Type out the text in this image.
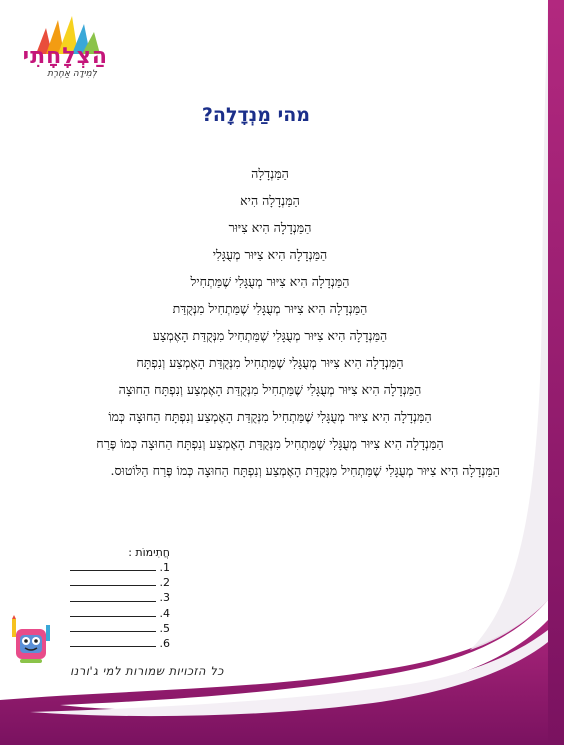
הַצְלָחָתִי
לְמִידָה אַחֶרֶת
מהי מַנְדָלָה?
הַמַּנְדָלָה
הַמַּנְדָלָה הִיא
הַמַּנְדָלָה הִיא צִיּוּר
הַמַּנְדָלָה הִיא צִיּוּר מְעֻגָּלִי
הַמַּנְדָלָה הִיא צִיּוּר מְעֻגָּלִי שֶׁמַּתְחִיל
הַמַּנְדָלָה הִיא צִיּוּר מְעֻגָּלִי שֶׁמַּתְחִיל מִנְּקֻדַּת
הַמַּנְדָלָה הִיא צִיּוּר מְעֻגָּלִי שֶׁמַּתְחִיל מִנְּקֻדַּת הָאֶמְצַע
הַמַּנְדָלָה הִיא צִיּוּר מְעֻגָּלִי שֶׁמַּתְחִיל מִנְּקֻדַּת הָאֶמְצַע וְנִפְתָּח
הַמַּנְדָלָה הִיא צִיּוּר מְעֻגָּלִי שֶׁמַּתְחִיל מִנְּקֻדַּת הָאֶמְצַע וְנִפְתָּח הַחוּצָה
הַמַּנְדָלָה הִיא צִיּוּר מְעֻגָּלִי שֶׁמַּתְחִיל מִנְּקֻדַּת הָאֶמְצַע וְנִפְתָּח הַחוּצָה כְּמוֹ
הַמַּנְדָלָה הִיא צִיּוּר מְעֻגָּלִי שֶׁמַּתְחִיל מִנְּקֻדַּת הָאֶמְצַע וְנִפְתָּח הַחוּצָה כְּמוֹ פֶּרַח
הַמַּנְדָלָה הִיא צִיּוּר מְעֻגָּלִי שֶׁמַּתְחִיל מִנְּקֻדַּת הָאֶמְצַע וְנִפְתָּח הַחוּצָה כְּמוֹ פֶּרַח הַלּוֹטוּס.
חֲתִימוֹת :
1.
2.
3.
4.
5.
6.
כל הזכויות שמורות למי ג'ורנו
